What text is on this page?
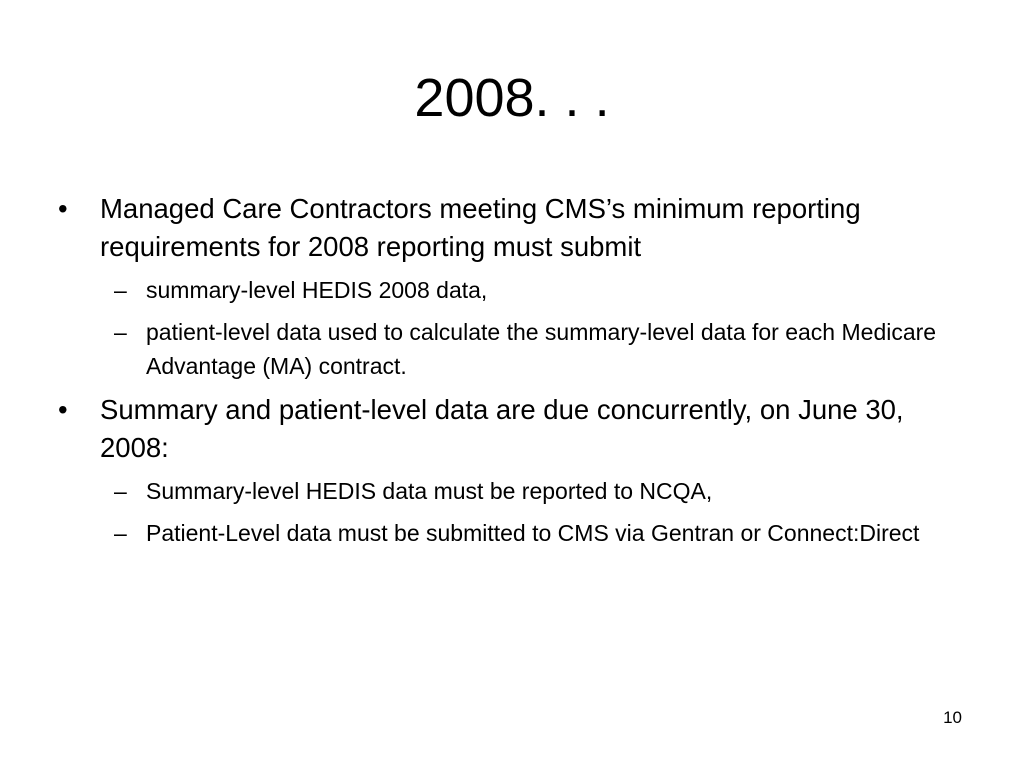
2008. . .
• Managed Care Contractors meeting CMS’s minimum reporting requirements for 2008 reporting must submit
– summary-level HEDIS 2008 data,
– patient-level data used to calculate the summary-level data for each Medicare Advantage (MA) contract.
• Summary and patient-level data are due concurrently, on June 30, 2008:
– Summary-level HEDIS data must be reported to NCQA,
– Patient-Level data must be submitted to CMS via Gentran or Connect:Direct
10
